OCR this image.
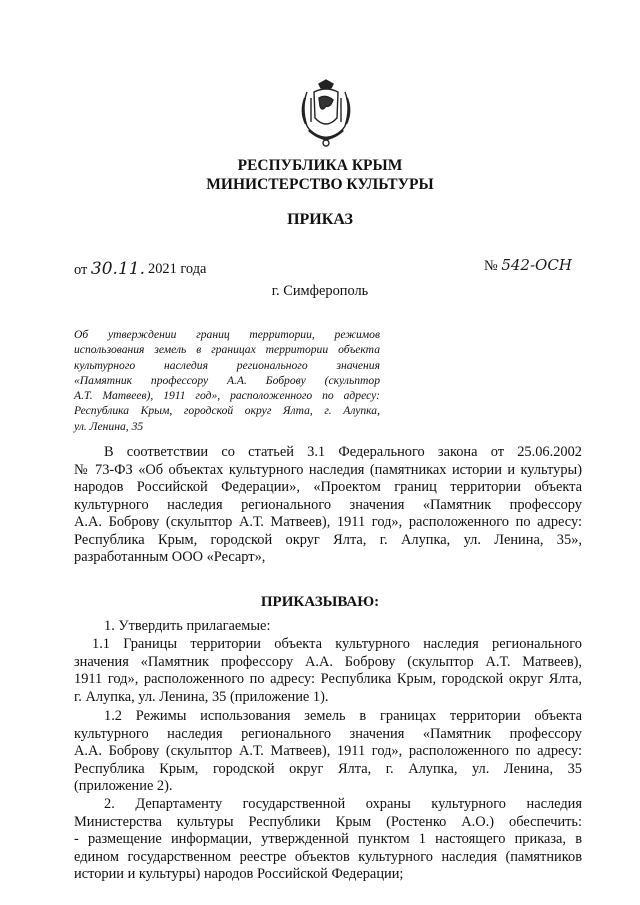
РЕСПУБЛИКА КРЫМ
МИНИСТЕРСТВО КУЛЬТУРЫ
ПРИКАЗ
от 30.11. 2021 года	№ 542-ОСН
г. Симферополь
Об утверждении границ территории, режимов
использования земель в границах территории объекта
культурного наследия регионального значения
«Памятник профессору А.А. Боброву (скульптор
А.Т. Матвеев), 1911 год», расположенного по адресу:
Республика Крым, городской округ Ялта, г. Алупка,
ул. Ленина, 35
В соответствии со статьей 3.1 Федерального закона от 25.06.2002
№ 73-ФЗ «Об объектах культурного наследия (памятниках истории и культуры)
народов Российской Федерации», «Проектом границ территории объекта
культурного наследия регионального значения «Памятник профессору
А.А. Боброву (скульптор А.Т. Матвеев), 1911 год», расположенного по адресу:
Республика Крым, городской округ Ялта, г. Алупка, ул. Ленина, 35»,
разработанным ООО «Ресарт»,
ПРИКАЗЫВАЮ:
1. Утвердить прилагаемые:
1.1 Границы территории объекта культурного наследия регионального
значения «Памятник профессору А.А. Боброву (скульптор А.Т. Матвеев),
1911 год», расположенного по адресу: Республика Крым, городской округ Ялта,
г. Алупка, ул. Ленина, 35 (приложение 1).
1.2 Режимы использования земель в границах территории объекта
культурного наследия регионального значения «Памятник профессору
А.А. Боброву (скульптор А.Т. Матвеев), 1911 год», расположенного по адресу:
Республика Крым, городской округ Ялта, г. Алупка, ул. Ленина, 35
(приложение 2).
2. Департаменту государственной охраны культурного наследия
Министерства культуры Республики Крым (Ростенко А.О.) обеспечить:
- размещение информации, утвержденной пунктом 1 настоящего приказа, в
едином государственном реестре объектов культурного наследия (памятников
истории и культуры) народов Российской Федерации;
